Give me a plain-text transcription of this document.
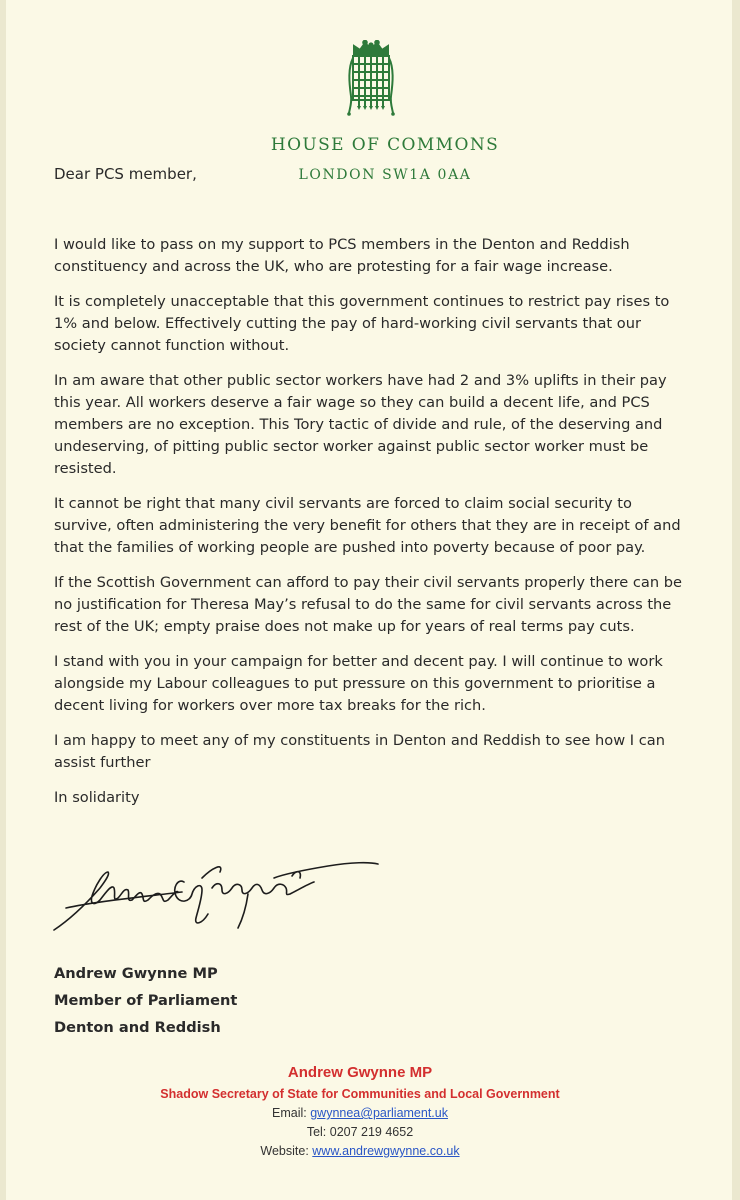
HOUSE OF COMMONS
LONDON SW1A 0AA
Dear PCS member,

I would like to pass on my support to PCS members in the Denton and Reddish constituency and across the UK, who are protesting for a fair wage increase.

It is completely unacceptable that this government continues to restrict pay rises to 1% and below. Effectively cutting the pay of hard-working civil servants that our society cannot function without.

In am aware that other public sector workers have had 2 and 3% uplifts in their pay this year. All workers deserve a fair wage so they can build a decent life, and PCS members are no exception. This Tory tactic of divide and rule, of the deserving and undeserving, of pitting public sector worker against public sector worker must be resisted.

It cannot be right that many civil servants are forced to claim social security to survive, often administering the very benefit for others that they are in receipt of and that the families of working people are pushed into poverty because of poor pay.

If the Scottish Government can afford to pay their civil servants properly there can be no justification for Theresa May’s refusal to do the same for civil servants across the rest of the UK; empty praise does not make up for years of real terms pay cuts.

I stand with you in your campaign for better and decent pay. I will continue to work alongside my Labour colleagues to put pressure on this government to prioritise a decent living for workers over more tax breaks for the rich.

I am happy to meet any of my constituents in Denton and Reddish to see how I can assist further

In solidarity

Andrew Gwynne MP
Member of Parliament
Denton and Reddish
Andrew Gwynne MP
Shadow Secretary of State for Communities and Local Government
Email: gwynnea@parliament.uk
Tel: 0207 219 4652
Website: www.andrewgwynne.co.uk
